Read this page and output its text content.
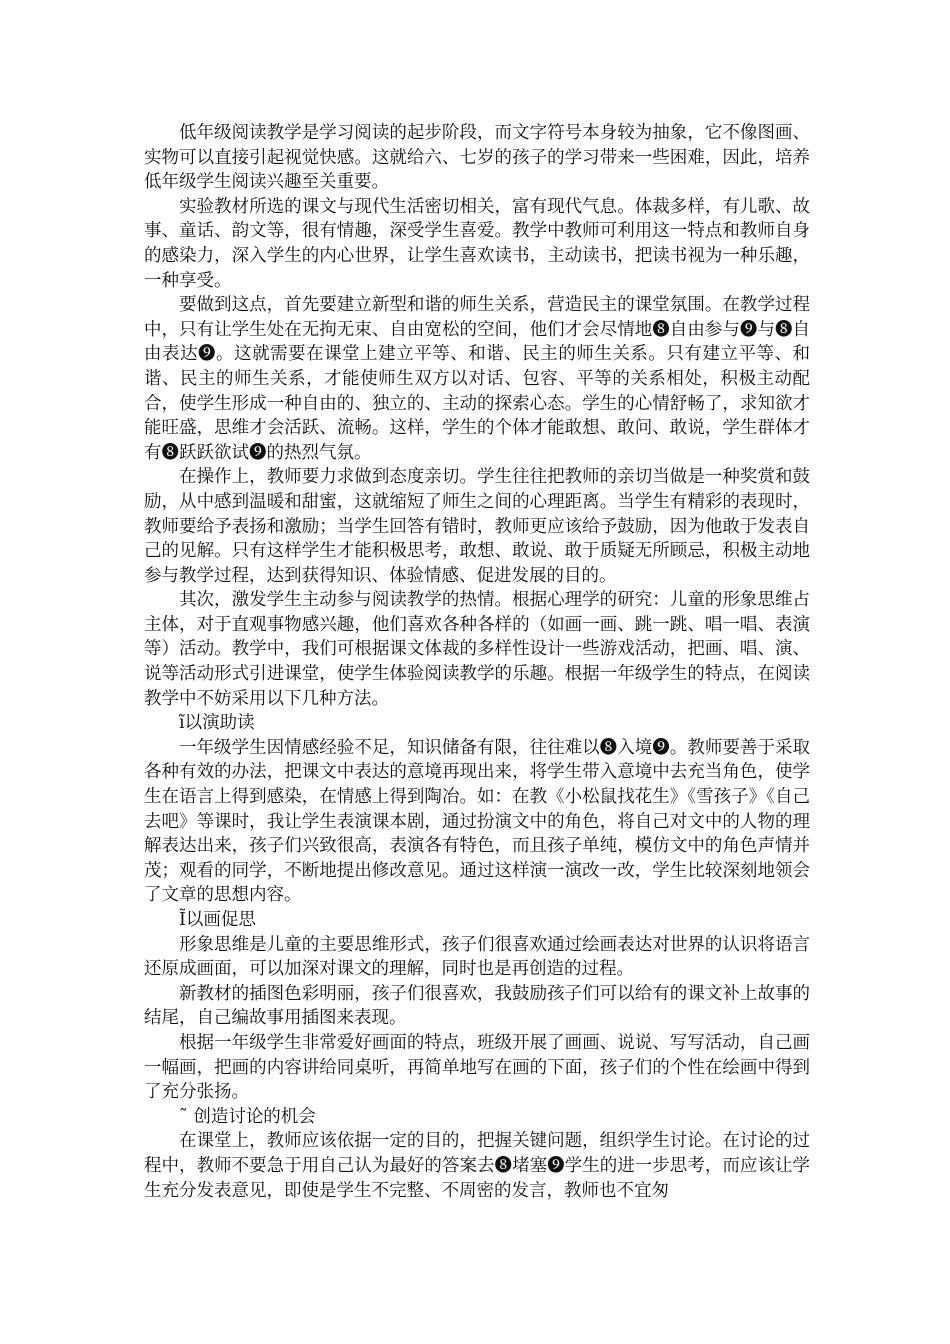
低年级阅读教学是学习阅读的起步阶段，而文字符号本身较为抽象，它不像图画、实物可以直接引起视觉快感。这就给六、七岁的孩子的学习带来一些困难，因此，培养低年级学生阅读兴趣至关重要。

实验教材所选的课文与现代生活密切相关，富有现代气息。体裁多样，有儿歌、故事、童话、韵文等，很有情趣，深受学生喜爱。教学中教师可利用这一特点和教师自身的感染力，深入学生的内心世界，让学生喜欢读书，主动读书，把读书视为一种乐趣，一种享受。

要做到这点，首先要建立新型和谐的师生关系，营造民主的课堂氛围。在教学过程中，只有让学生处在无拘无束、自由宽松的空间，他们才会尽情地❽自由参与❾与❽自由表达❾。这就需要在课堂上建立平等、和谐、民主的师生关系。只有建立平等、和谐、民主的师生关系，才能使师生双方以对话、包容、平等的关系相处，积极主动配合，使学生形成一种自由的、独立的、主动的探索心态。学生的心情舒畅了，求知欲才能旺盛，思维才会活跃、流畅。这样，学生的个体才能敢想、敢问、敢说，学生群体才有❽跃跃欲试❾的热烈气氛。

在操作上，教师要力求做到态度亲切。学生往往把教师的亲切当做是一种奖赏和鼓励，从中感到温暖和甜蜜，这就缩短了师生之间的心理距离。当学生有精彩的表现时，教师要给予表扬和激励；当学生回答有错时，教师更应该给予鼓励，因为他敢于发表自己的见解。只有这样学生才能积极思考，敢想、敢说、敢于质疑无所顾忌，积极主动地参与教学过程，达到获得知识、体验情感、促进发展的目的。

其次，激发学生主动参与阅读教学的热情。根据心理学的研究：儿童的形象思维占主体，对于直观事物感兴趣，他们喜欢各种各样的（如画一画、跳一跳、唱一唱、表演等）活动。教学中，我们可根据课文体裁的多样性设计一些游戏活动，把画、唱、演、说等活动形式引进课堂，使学生体验阅读教学的乐趣。根据一年级学生的特点，在阅读教学中不妨采用以下几种方法。

ĩ以演助读

一年级学生因情感经验不足，知识储备有限，往往难以❽入境❾。教师要善于采取各种有效的办法，把课文中表达的意境再现出来，将学生带入意境中去充当角色，使学生在语言上得到感染，在情感上得到陶冶。如：在教《小松鼠找花生》《雪孩子》《自己去吧》等课时，我让学生表演课本剧，通过扮演文中的角色，将自己对文中的人物的理解表达出来，孩子们兴致很高，表演各有特色，而且孩子单纯，模仿文中的角色声情并茂；观看的同学，不断地提出修改意见。通过这样演一演改一改，学生比较深刻地领会了文章的思想内容。

Ĩ以画促思

形象思维是儿童的主要思维形式，孩子们很喜欢通过绘画表达对世界的认识将语言还原成画面，可以加深对课文的理解，同时也是再创造的过程。

新教材的插图色彩明丽，孩子们很喜欢，我鼓励孩子们可以给有的课文补上故事的结尾，自己编故事用插图来表现。

根据一年级学生非常爱好画面的特点，班级开展了画画、说说、写写活动，自己画一幅画，把画的内容讲给同桌听，再简单地写在画的下面，孩子们的个性在绘画中得到了充分张扬。

˜ 创造讨论的机会

在课堂上，教师应该依据一定的目的，把握关键问题，组织学生讨论。在讨论的过程中，教师不要急于用自己认为最好的答案去❽堵塞❾学生的进一步思考，而应该让学生充分发表意见，即使是学生不完整、不周密的发言，教师也不宜匆
